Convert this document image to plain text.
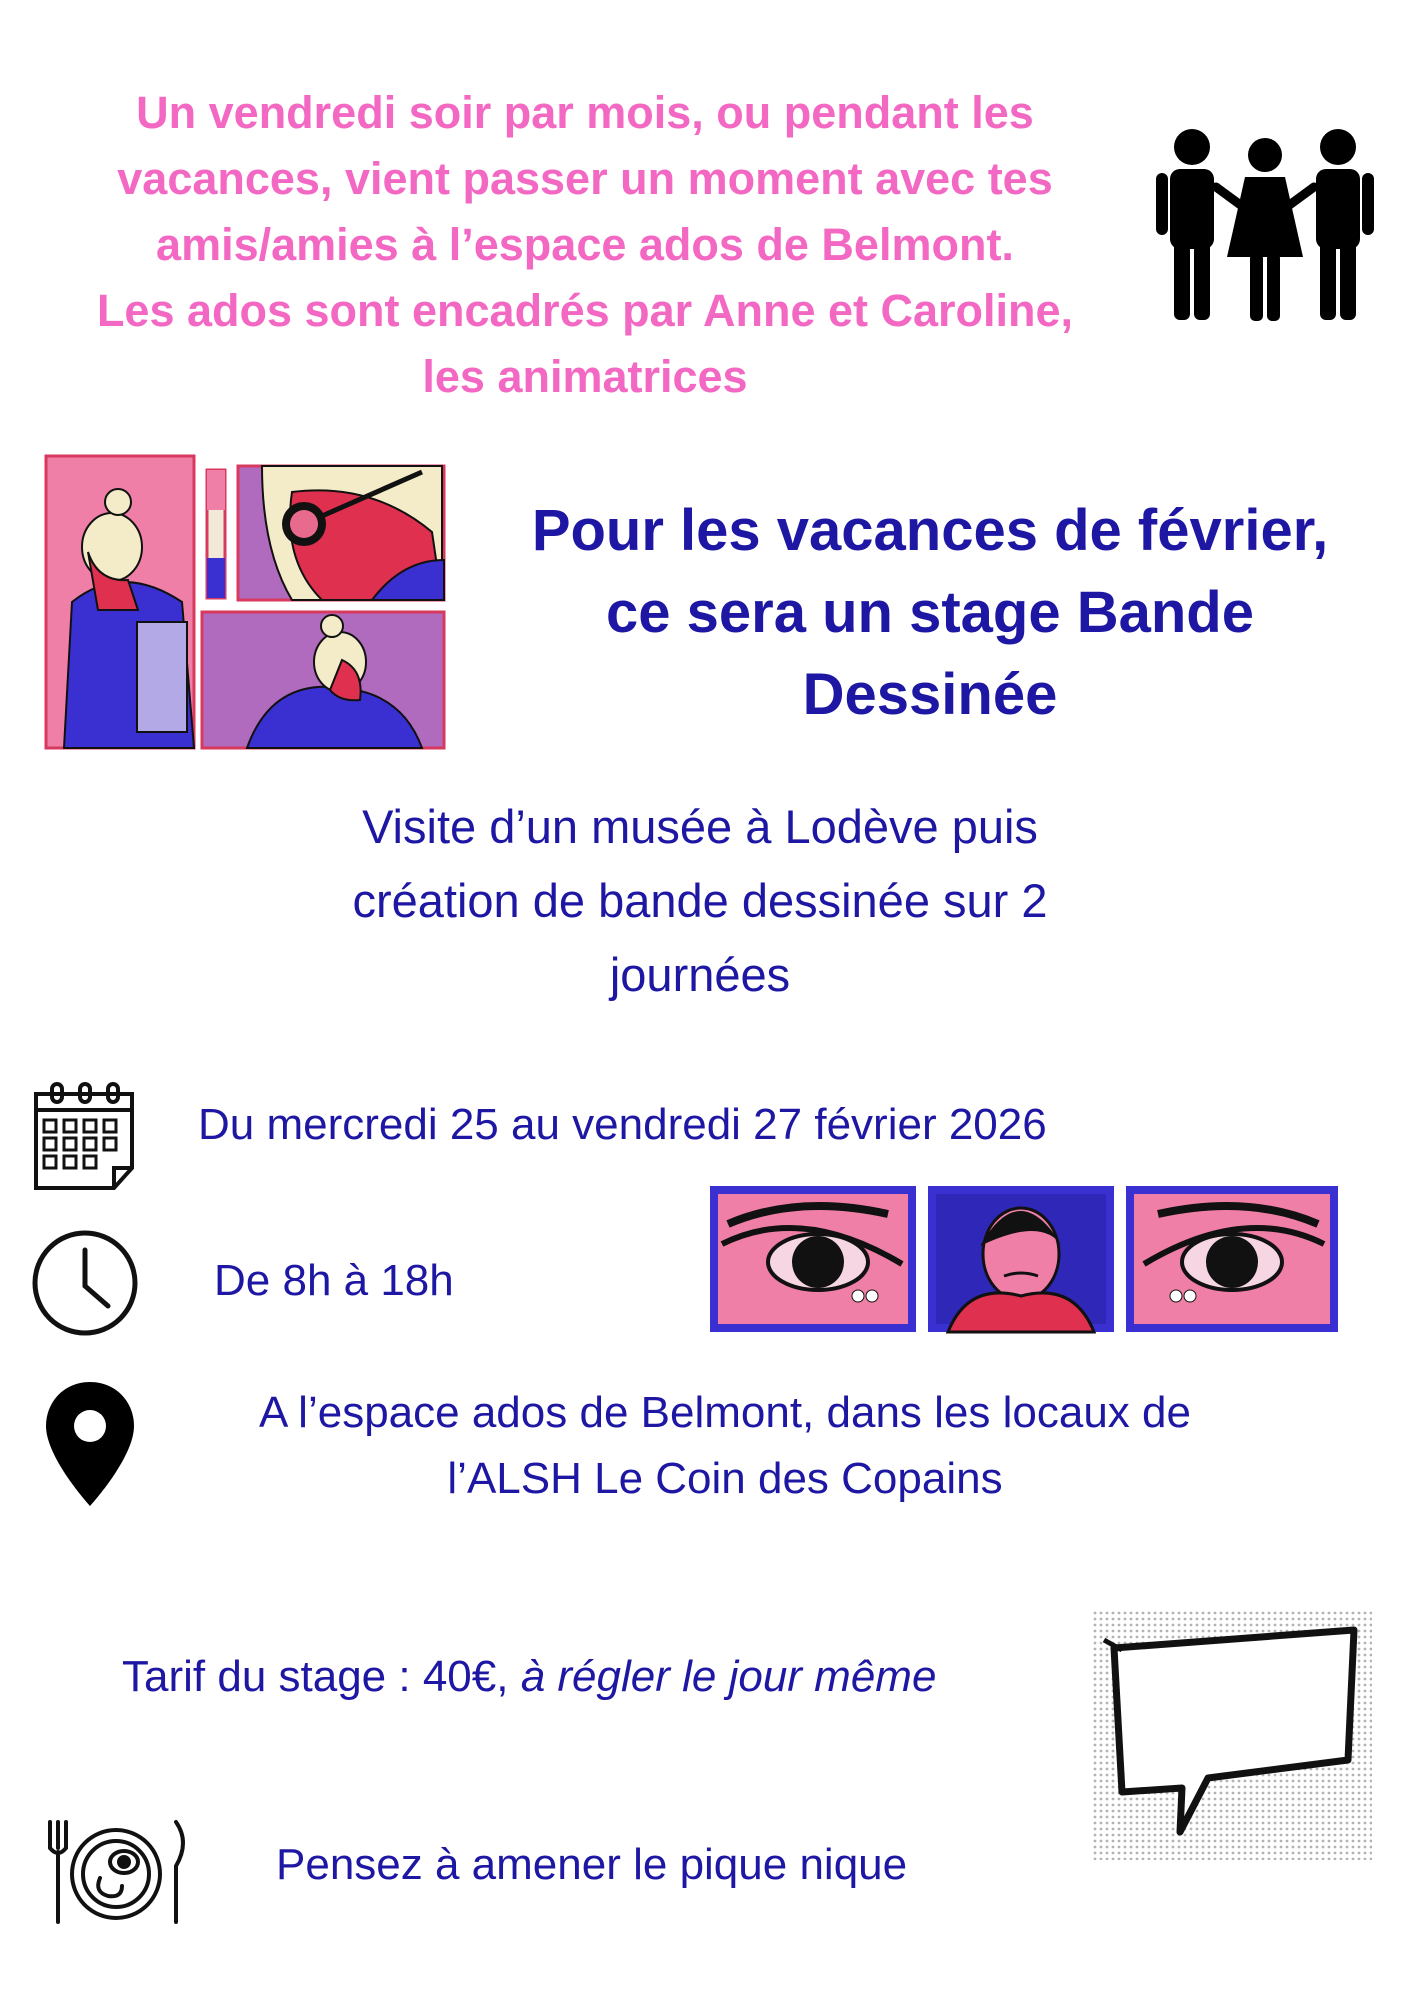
Un vendredi soir par mois, ou pendant les
vacances, vient passer un moment avec tes
amis/amies à l’espace ados de Belmont.
Les ados sont encadrés par Anne et Caroline,
les animatrices
Pour les vacances de février,
ce sera un stage Bande
Dessinée
Visite d’un musée à Lodève puis
création de bande dessinée sur 2
journées
Du mercredi 25 au vendredi 27 février 2026
De 8h à 18h
A l’espace ados de Belmont, dans les locaux de
l’ALSH Le Coin des Copains
Tarif du stage : 40€, à régler le jour même
Pensez à amener le pique nique
